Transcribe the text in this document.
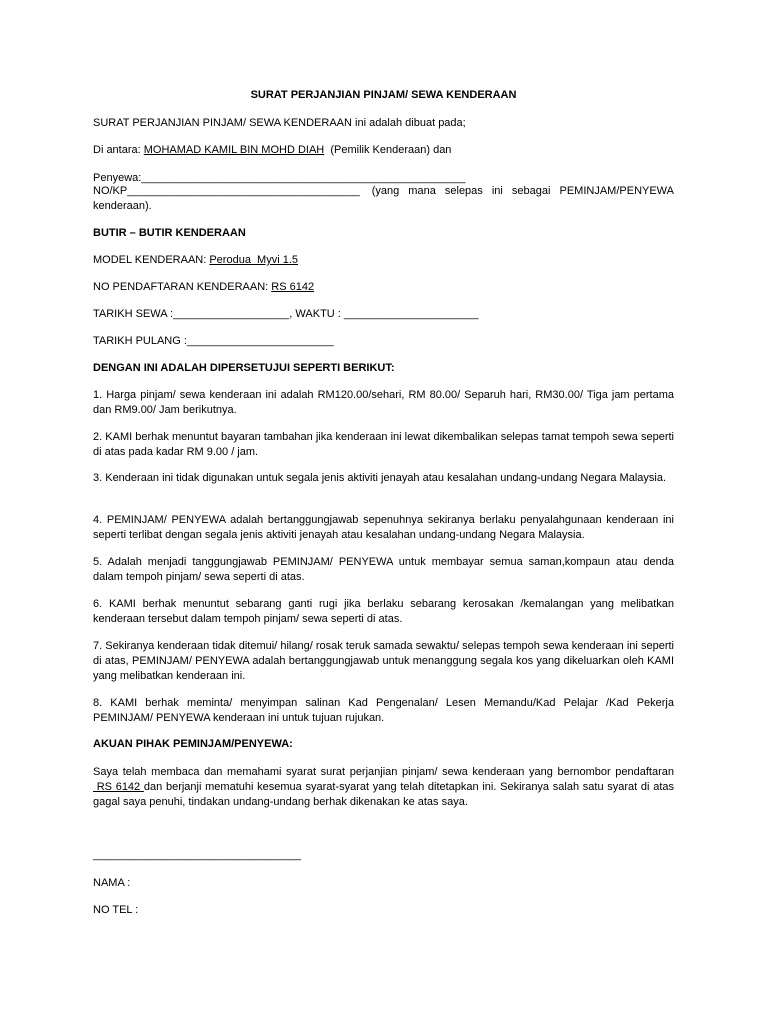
SURAT PERJANJIAN PINJAM/ SEWA KENDERAAN

SURAT PERJANJIAN PINJAM/ SEWA KENDERAAN ini adalah dibuat pada;

Di antara: MOHAMAD KAMIL BIN MOHD DIAH  (Pemilik Kenderaan) dan

Penyewa:_____________________________________________________

NO/KP______________________________________ (yang mana selepas ini sebagai PEMINJAM/PENYEWA

kenderaan).

BUTIR – BUTIR KENDERAAN

MODEL KENDERAAN: Perodua  Myvi 1.5

NO PENDAFTARAN KENDERAAN: RS 6142

TARIKH SEWA :___________________, WAKTU : ______________________

TARIKH PULANG :________________________

DENGAN INI ADALAH DIPERSETUJUI SEPERTI BERIKUT:

1. Harga pinjam/ sewa kenderaan ini adalah RM120.00/sehari, RM 80.00/ Separuh hari, RM30.00/ Tiga jam pertama dan RM9.00/ Jam berikutnya.

2. KAMI berhak menuntut bayaran tambahan jika kenderaan ini lewat dikembalikan selepas tamat tempoh sewa seperti di atas pada kadar RM 9.00 / jam.

3. Kenderaan ini tidak digunakan untuk segala jenis aktiviti jenayah atau kesalahan undang-undang Negara Malaysia.

4. PEMINJAM/ PENYEWA adalah bertanggungjawab sepenuhnya sekiranya berlaku penyalahgunaan kenderaan ini seperti terlibat dengan segala jenis aktiviti jenayah atau kesalahan undang-undang Negara Malaysia.

5. Adalah menjadi tanggungjawab PEMINJAM/ PENYEWA untuk membayar semua saman,kompaun atau denda dalam tempoh pinjam/ sewa seperti di atas.

6. KAMI berhak menuntut sebarang ganti rugi jika berlaku sebarang kerosakan /kemalangan yang melibatkan kenderaan tersebut dalam tempoh pinjam/ sewa seperti di atas.

7. Sekiranya kenderaan tidak ditemui/ hilang/ rosak teruk samada sewaktu/ selepas tempoh sewa kenderaan ini seperti di atas, PEMINJAM/ PENYEWA adalah bertanggungjawab untuk menanggung segala kos yang dikeluarkan oleh KAMI yang melibatkan kenderaan ini.

8. KAMI berhak meminta/ menyimpan salinan Kad Pengenalan/ Lesen Memandu/Kad Pelajar /Kad Pekerja PEMINJAM/ PENYEWA kenderaan ini untuk tujuan rujukan.

AKUAN PIHAK PEMINJAM/PENYEWA:

Saya telah membaca dan memahami syarat surat perjanjian pinjam/ sewa kenderaan yang bernombor pendaftaran  RS 6142 dan berjanji mematuhi kesemua syarat-syarat yang telah ditetapkan ini. Sekiranya salah satu syarat di atas gagal saya penuhi, tindakan undang-undang berhak dikenakan ke atas saya.

__________________________________

NAMA :

NO TEL :
